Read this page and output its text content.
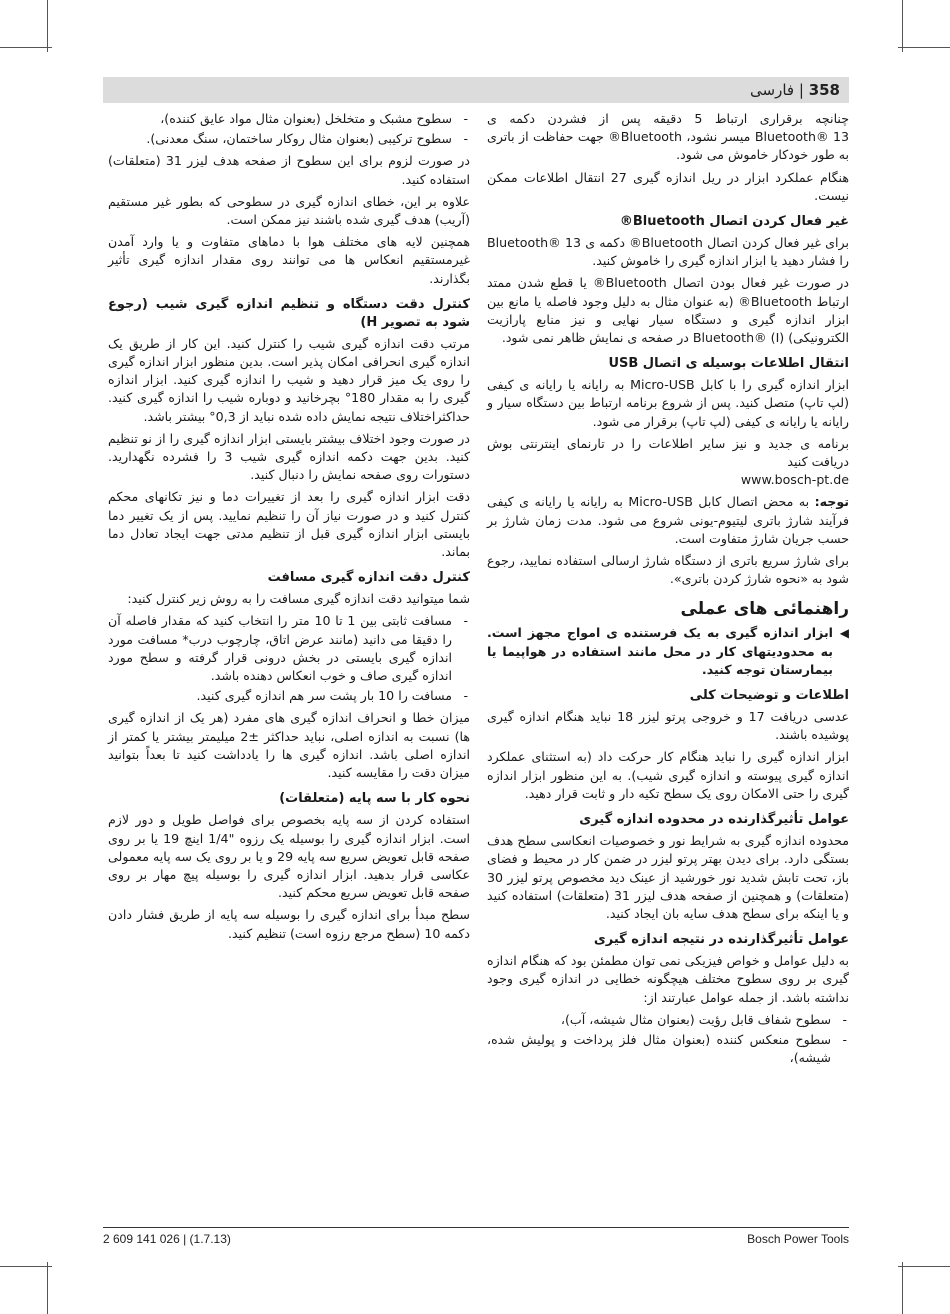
358 | فارسی

چنانچه برقراری ارتباط 5 دقیقه پس از فشردن دکمه ی Bluetooth® 13 میسر نشود، Bluetooth® جهت حفاظت از باتری به طور خودکار خاموش می شود.

هنگام عملکرد ابزار در ریل اندازه گیری 27 انتقال اطلاعات ممکن نیست.

غیر فعال کردن اتصال Bluetooth®

برای غیر فعال کردن اتصال Bluetooth® دکمه ی Bluetooth® 13 را فشار دهید یا ابزار اندازه گیری را خاموش کنید.

در صورت غیر فعال بودن اتصال Bluetooth® یا قطع شدن ممتد ارتباط Bluetooth® (به عنوان مثال به دلیل وجود فاصله یا مانع بین ابزار اندازه گیری و دستگاه سیار نهایی و نیز منابع پارازیت الکترونیکی) Bluetooth® (I) در صفحه ی نمایش ظاهر نمی شود.

انتقال اطلاعات بوسیله ی اتصال USB

ابزار اندازه گیری را با کابل Micro-USB به رایانه یا رایانه ی کیفی (لپ تاپ) متصل کنید. پس از شروع برنامه ارتباط بین دستگاه سیار و رایانه یا رایانه ی کیفی (لپ تاپ) برقرار می شود.

برنامه ی جدید و نیز سایر اطلاعات را در تارنمای اینترنتی بوش دریافت کنید

www.bosch-pt.de

توجه: به محض اتصال کابل Micro-USB به رایانه یا رایانه ی کیفی فرآیند شارژ باتری لیتیوم-یونی شروع می شود. مدت زمان شارژ بر حسب جریان شارژ متفاوت است.

برای شارژ سریع باتری از دستگاه شارژ ارسالی استفاده نمایید، رجوع شود به «نحوه شارژ کردن باتری».

راهنمائی های عملی
◀
ابزار اندازه گیری به یک فرستنده ی امواج مجهز است. به محدودیتهای کار در محل مانند استفاده در هواپیما یا بیمارستان توجه کنید.
اطلاعات و توضیحات کلی

عدسی دریافت 17 و خروجی پرتو لیزر 18 نباید هنگام اندازه گیری پوشیده باشند.

ابزار اندازه گیری را نباید هنگام کار حرکت داد (به استثنای عملکرد اندازه گیری پیوسته و اندازه گیری شیب). به این منظور ابزار اندازه گیری را حتی الامکان روی یک سطح تکیه دار و ثابت قرار دهید.

عوامل تأثیرگذارنده در محدوده اندازه گیری

محدوده اندازه گیری به شرایط نور و خصوصیات انعکاسی سطح هدف بستگی دارد. برای دیدن بهتر پرتو لیزر در ضمن کار در محیط و فضای باز، تحت تابش شدید نور خورشید از عینک دید مخصوص پرتو لیزر 30 (متعلقات) و همچنین از صفحه هدف لیزر 31 (متعلقات) استفاده کنید و یا اینکه برای سطح هدف سایه بان ایجاد کنید.

عوامل تأثیرگذارنده در نتیجه اندازه گیری

به دلیل عوامل و خواص فیزیکی نمی توان مطمئن بود که هنگام اندازه گیری بر روی سطوح مختلف هیچگونه خطایی در اندازه گیری وجود نداشته باشد. از جمله عوامل عبارتند از:

- سطوح شفاف قابل رؤیت (بعنوان مثال شیشه، آب)،
- سطوح منعکس کننده (بعنوان مثال فلز پرداخت و پولیش شده، شیشه)،
- سطوح مشبک و متخلخل (بعنوان مثال مواد عایق کننده)،
- سطوح ترکیبی (بعنوان مثال روکار ساختمان، سنگ معدنی).

در صورت لزوم برای این سطوح از صفحه هدف لیزر 31 (متعلقات) استفاده کنید.

علاوه بر این، خطای اندازه گیری در سطوحی که بطور غیر مستقیم (آریب) هدف گیری شده باشند نیز ممکن است.

همچنین لایه های مختلف هوا با دماهای متفاوت و یا وارد آمدن غیرمستقیم انعکاس ها می توانند روی مقدار اندازه گیری تأثیر بگذارند.

کنترل دقت دستگاه و تنظیم اندازه گیری شیب (رجوع شود به تصویر H)

مرتب دقت اندازه گیری شیب را کنترل کنید. این کار از طریق یک اندازه گیری انحرافی امکان پذیر است. بدین منظور ابزار اندازه گیری را روی یک میز قرار دهید و شیب را اندازه گیری کنید. ابزار اندازه گیری را به مقدار 180° بچرخانید و دوباره شیب را اندازه گیری کنید. حداکثراختلاف نتیجه نمایش داده شده نباید از 0,3° بیشتر باشد.

در صورت وجود اختلاف بیشتر بایستی ابزار اندازه گیری را از نو تنظیم کنید. بدین جهت دکمه اندازه گیری شیب 3 را فشرده نگهدارید. دستورات روی صفحه نمایش را دنبال کنید.

دقت ابزار اندازه گیری را بعد از تغییرات دما و نیز تکانهای محکم کنترل کنید و در صورت نیاز آن را تنظیم نمایید. پس از یک تغییر دما بایستی ابزار اندازه گیری قبل از تنظیم مدتی جهت ایجاد تعادل دما بماند.

کنترل دقت اندازه گیری مسافت

شما میتوانید دقت اندازه گیری مسافت را به روش زیر کنترل کنید:

- مسافت ثابتی بین 1 تا 10 متر را انتخاب کنید که مقدار فاصله آن را دقیقا می دانید (مانند عرض اتاق، چارچوب درب* مسافت مورد اندازه گیری بایستی در بخش درونی قرار گرفته و سطح مورد اندازه گیری صاف و خوب انعکاس دهنده باشد.
- مسافت را 10 بار پشت سر هم اندازه گیری کنید.

میزان خطا و انحراف اندازه گیری های مفرد (هر یک از اندازه گیری ها) نسبت به اندازه اصلی، نباید حداکثر ±2 میلیمتر بیشتر یا کمتر از اندازه اصلی باشد. اندازه گیری ها را یادداشت کنید تا بعداً بتوانید میزان دقت را مقایسه کنید.

نحوه کار با سه پایه (متعلقات)

استفاده کردن از سه پایه بخصوص برای فواصل طویل و دور لازم است. ابزار اندازه گیری را بوسیله یک رزوه "1/4 اینچ 19 یا بر روی صفحه قابل تعویض سریع سه پایه 29 و یا بر روی یک سه پایه معمولی عکاسی قرار بدهید. ابزار اندازه گیری را بوسیله پیچ مهار بر روی صفحه قابل تعویض سریع محکم کنید.

سطح مبدأ برای اندازه گیری را بوسیله سه پایه از طریق فشار دادن دکمه 10 (سطح مرجع رزوه است) تنظیم کنید.

2 609 141 026 | (1.7.13)	Bosch Power Tools
